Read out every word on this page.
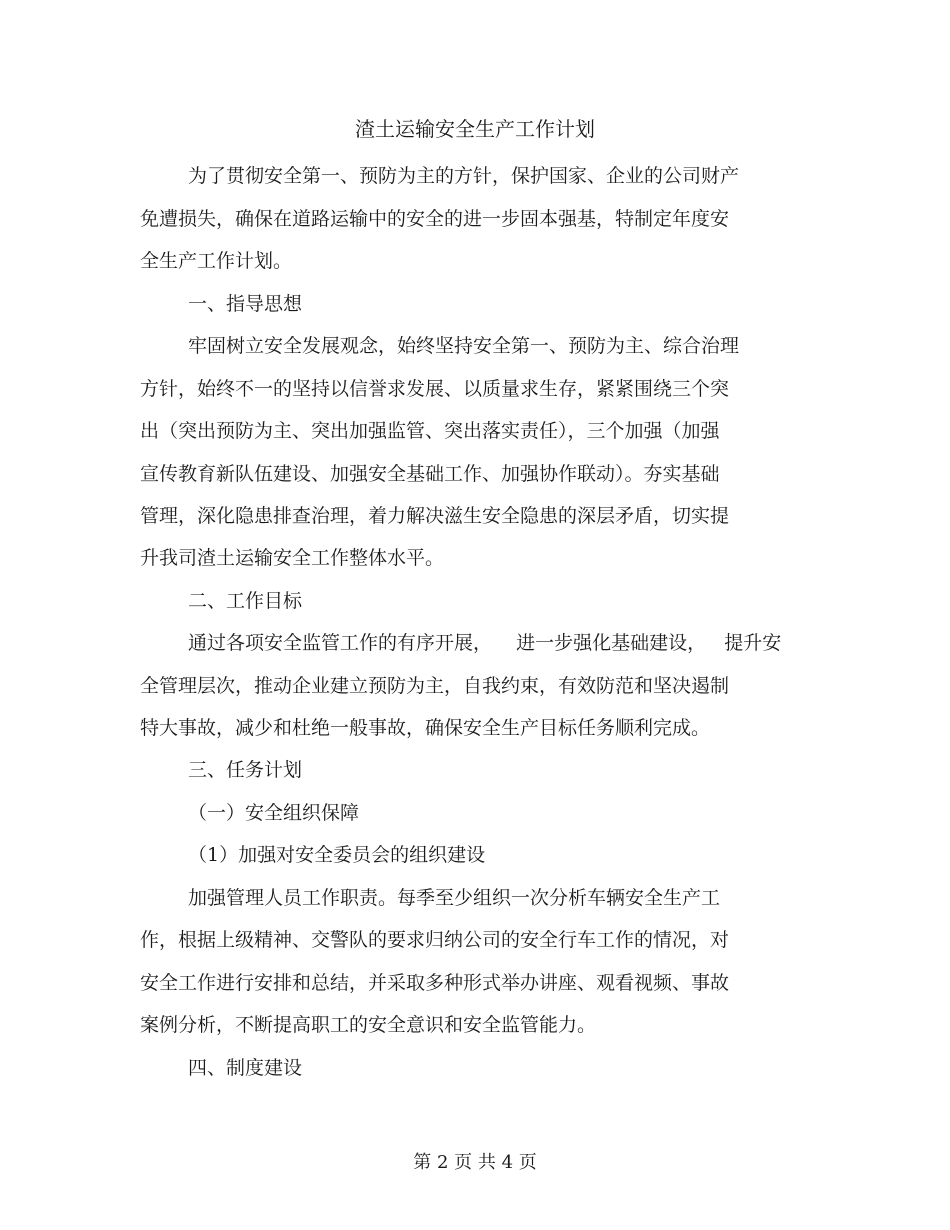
渣土运输安全生产工作计划
为了贯彻安全第一、预防为主的方针，保护国家、企业的公司财产
免遭损失，确保在道路运输中的安全的进一步固本强基，特制定年度安
全生产工作计划。
一、指导思想
牢固树立安全发展观念，始终坚持安全第一、预防为主、综合治理
方针，始终不一的坚持以信誉求发展、以质量求生存，紧紧围绕三个突
出（突出预防为主、突出加强监管、突出落实责任），三个加强（加强
宣传教育新队伍建设、加强安全基础工作、加强协作联动）。夯实基础
管理，深化隐患排查治理，着力解决滋生安全隐患的深层矛盾，切实提
升我司渣土运输安全工作整体水平。
二、工作目标
通过各项安全监管工作的有序开展，    进一步强化基础建设，   提升安
全管理层次，推动企业建立预防为主，自我约束，有效防范和坚决遏制
特大事故，减少和杜绝一般事故，确保安全生产目标任务顺利完成。
三、任务计划
（一）安全组织保障
（1）加强对安全委员会的组织建设
加强管理人员工作职责。每季至少组织一次分析车辆安全生产工
作，根据上级精神、交警队的要求归纳公司的安全行车工作的情况，对
安全工作进行安排和总结，并采取多种形式举办讲座、观看视频、事故
案例分析，不断提高职工的安全意识和安全监管能力。
四、制度建设
第 2 页 共 4 页
